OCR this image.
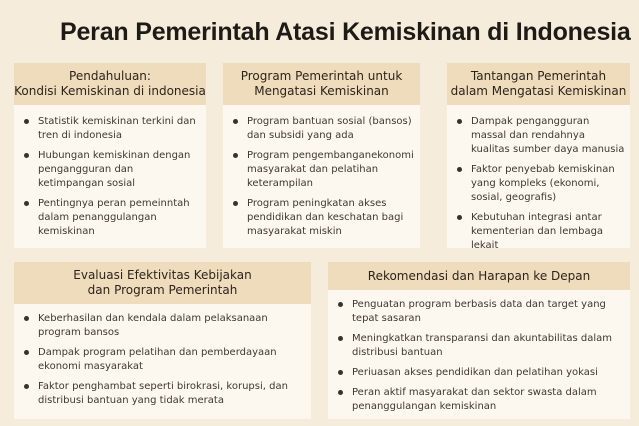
Peran Pemerintah Atasi Kemiskinan di Indonesia
Pendahuluan:
Kondisi Kemiskinan di indonesia
Statistik kemiskinan terkini dan tren di indonesia
Hubungan kemiskinan dengan pengangguran dan ketimpangan sosial
Pentingnya peran pemeinntah dalam penanggulangan kemiskinan
Program Pemerintah untuk
Mengatasi Kemiskinan
Program bantuan sosial (bansos) dan subsidi yang ada
Program pengembanganekonomi masyarakat dan pelatihan keterampilan
Program peningkatan akses pendidikan dan keschatan bagi masyarakat miskin
Tantangan Pemerintah
dalam Mengatasi Kemiskinan
Dampak pengangguran massal dan rendahnya kualitas sumber daya manusia
Faktor penyebab kemiskinan yang kompleks (ekonomi, sosial, geografis)
Kebutuhan integrasi antar kementerian dan lembaga lekait
Evaluasi Efektivitas Kebijakan
dan Program Pemerintah
Keberhasilan dan kendala dalam pelaksanaan program bansos
Dampak program pelatihan dan pemberdayaan ekonomi masyarakat
Faktor penghambat seperti birokrasi, korupsi, dan distribusi bantuan yang tidak merata
Rekomendasi dan Harapan ke Depan
Penguatan program berbasis data dan target yang tepat sasaran
Meningkatkan transparansi dan akuntabilitas dalam distribusi bantuan
Periuasan akses pendidikan dan pelatihan yokasi
Peran aktif masyarakat dan sektor swasta dalam penanggulangan kemiskinan
